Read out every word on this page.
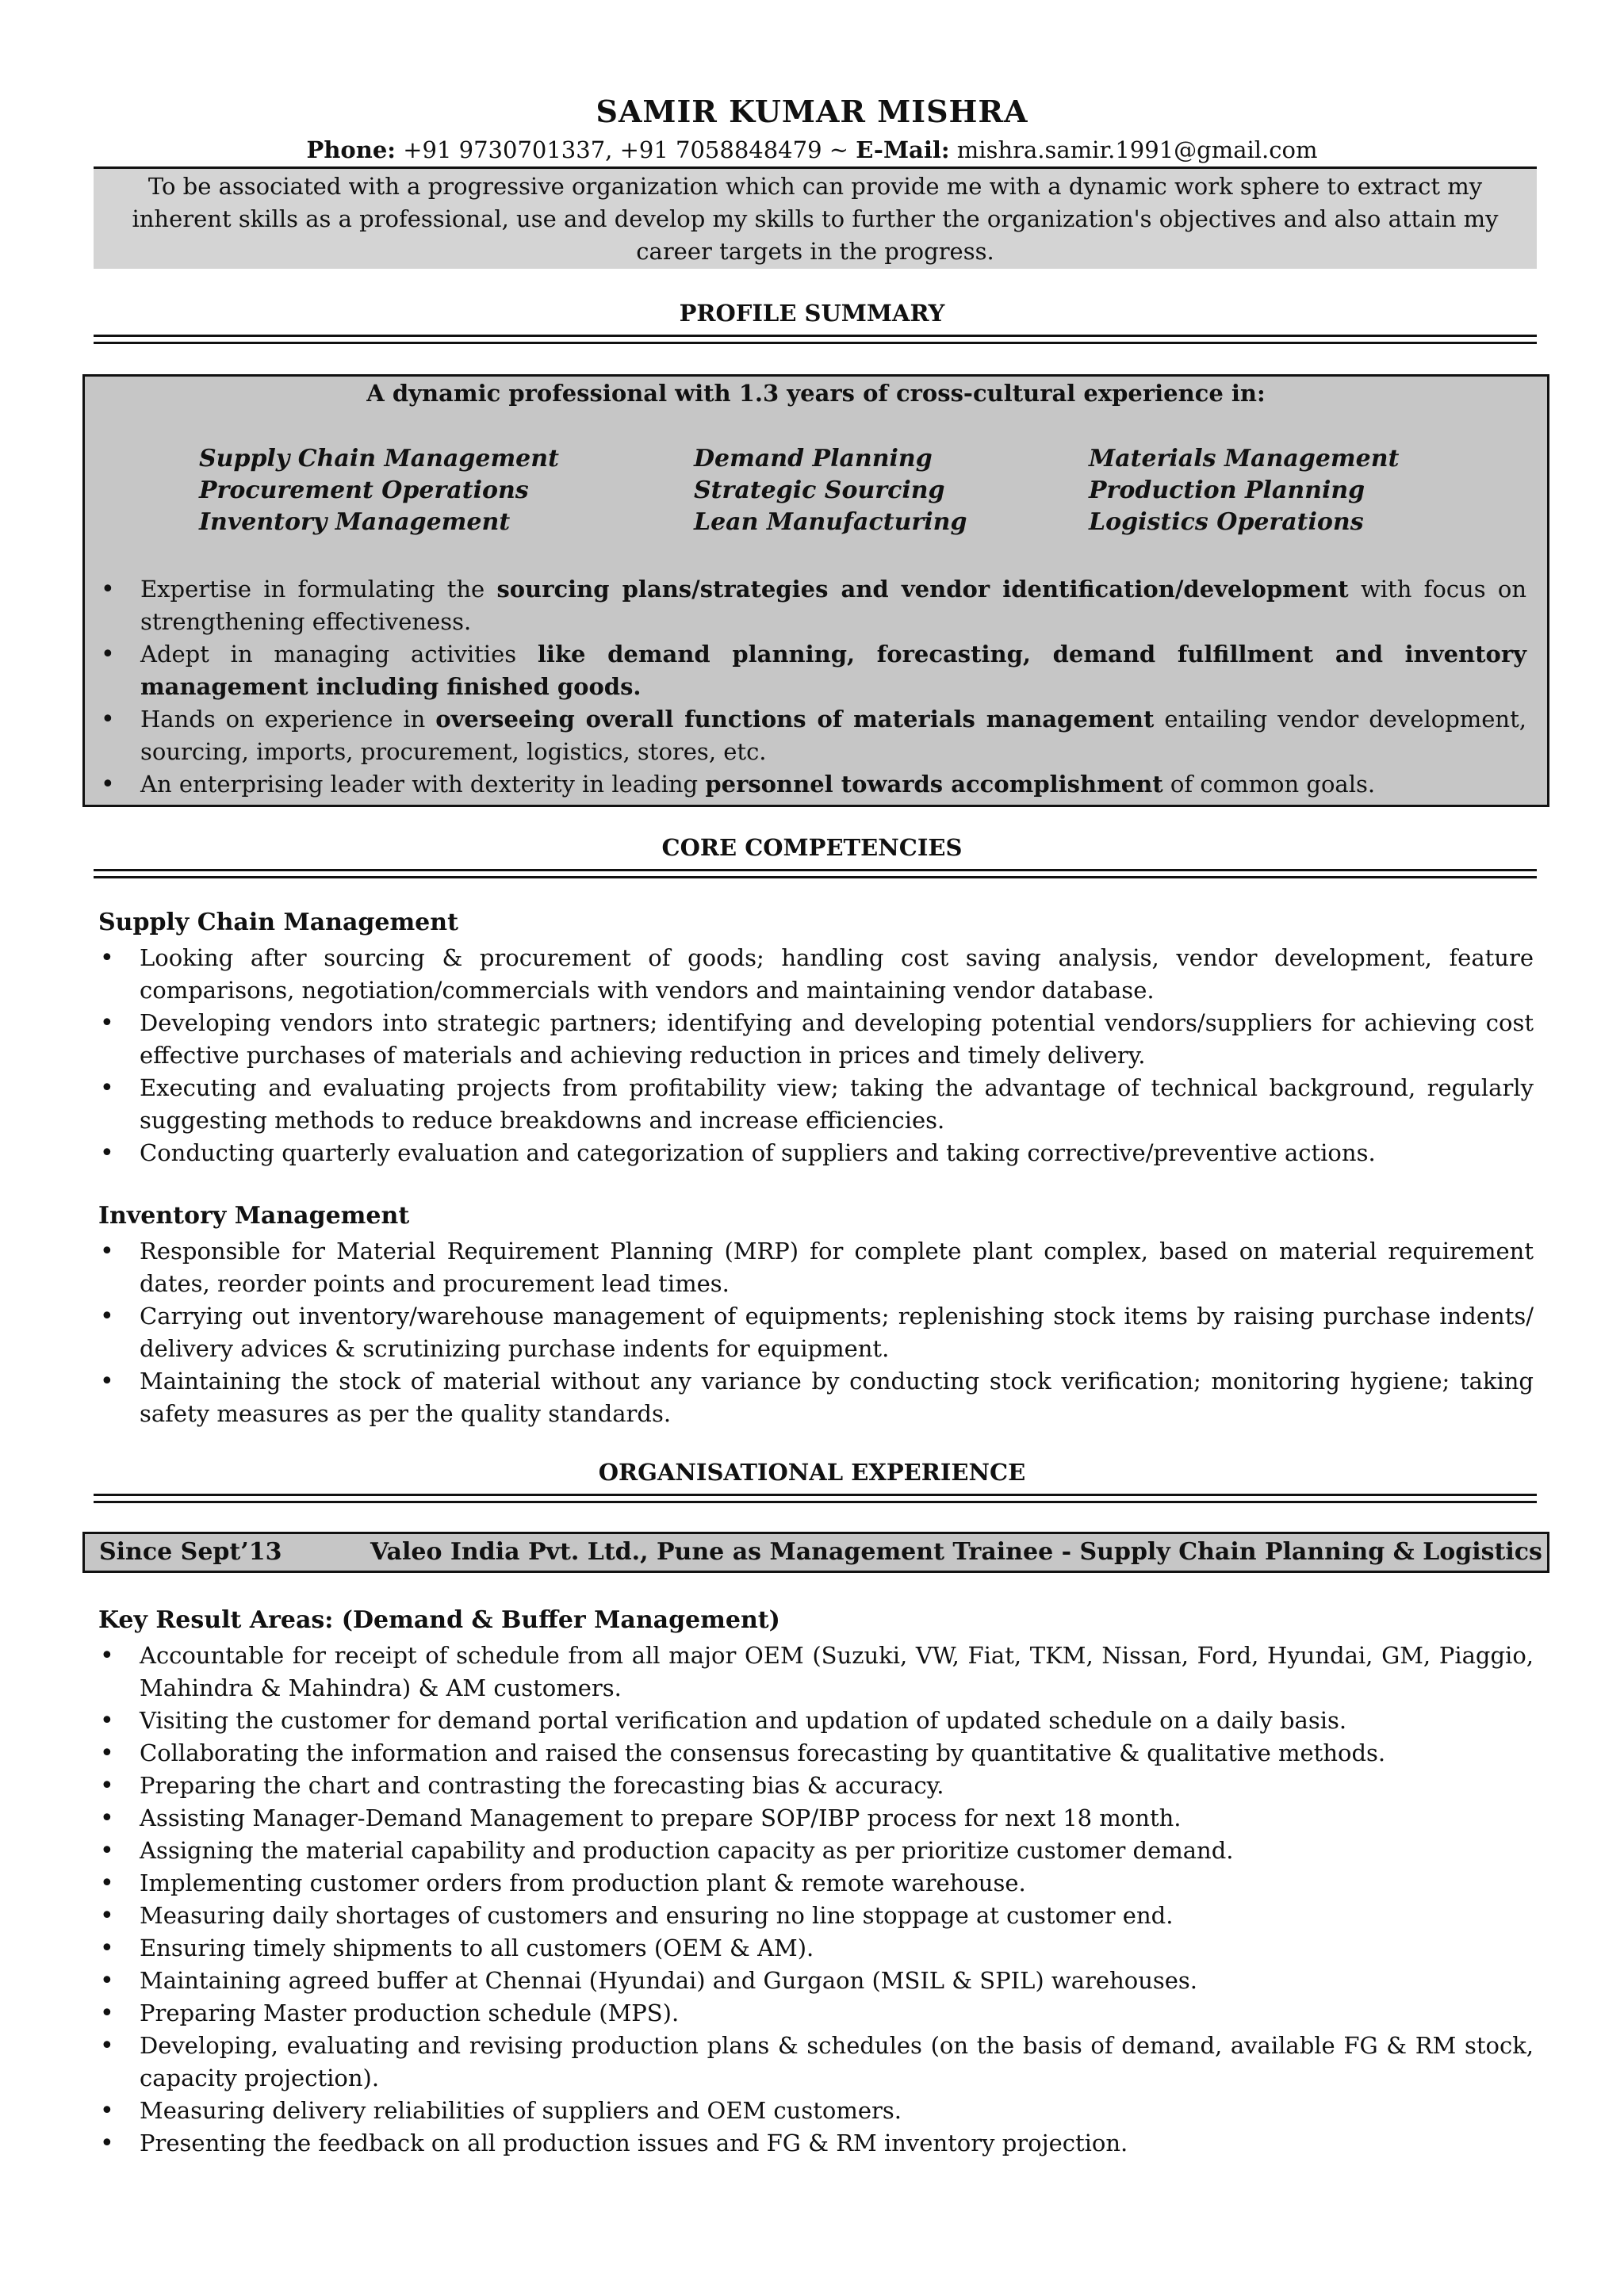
SAMIR KUMAR MISHRA
Phone: +91 9730701337, +91 7058848479 ~ E-Mail: mishra.samir.1991@gmail.com
To be associated with a progressive organization which can provide me with a dynamic work sphere to extract my
inherent skills as a professional, use and develop my skills to further the organization's objectives and also attain my
career targets in the progress.
PROFILE SUMMARY
A dynamic professional with 1.3 years of cross-cultural experience in:
Supply Chain Management
Procurement Operations
Inventory Management
Demand Planning
Strategic Sourcing
Lean Manufacturing
Materials Management
Production Planning
Logistics Operations
• Expertise in formulating the sourcing plans/strategies and vendor identification/development with focus on strengthening effectiveness.
• Adept in managing activities like demand planning, forecasting, demand fulfillment and inventory management including finished goods.
• Hands on experience in overseeing overall functions of materials management entailing vendor development, sourcing, imports, procurement, logistics, stores, etc.
• An enterprising leader with dexterity in leading personnel towards accomplishment of common goals.
CORE COMPETENCIES
Supply Chain Management
• Looking after sourcing & procurement of goods; handling cost saving analysis, vendor development, feature comparisons, negotiation/commercials with vendors and maintaining vendor database.
• Developing vendors into strategic partners; identifying and developing potential vendors/suppliers for achieving cost effective purchases of materials and achieving reduction in prices and timely delivery.
• Executing and evaluating projects from profitability view; taking the advantage of technical background, regularly suggesting methods to reduce breakdowns and increase efficiencies.
• Conducting quarterly evaluation and categorization of suppliers and taking corrective/preventive actions.
Inventory Management
• Responsible for Material Requirement Planning (MRP) for complete plant complex, based on material requirement dates, reorder points and procurement lead times.
• Carrying out inventory/warehouse management of equipments; replenishing stock items by raising purchase indents/ delivery advices & scrutinizing purchase indents for equipment.
• Maintaining the stock of material without any variance by conducting stock verification; monitoring hygiene; taking safety measures as per the quality standards.
ORGANISATIONAL EXPERIENCE
Since Sept’13	Valeo India Pvt. Ltd., Pune as Management Trainee - Supply Chain Planning & Logistics
Key Result Areas: (Demand & Buffer Management)
• Accountable for receipt of schedule from all major OEM (Suzuki, VW, Fiat, TKM, Nissan, Ford, Hyundai, GM, Piaggio, Mahindra & Mahindra) & AM customers.
• Visiting the customer for demand portal verification and updation of updated schedule on a daily basis.
• Collaborating the information and raised the consensus forecasting by quantitative & qualitative methods.
• Preparing the chart and contrasting the forecasting bias & accuracy.
• Assisting Manager-Demand Management to prepare SOP/IBP process for next 18 month.
• Assigning the material capability and production capacity as per prioritize customer demand.
• Implementing customer orders from production plant & remote warehouse.
• Measuring daily shortages of customers and ensuring no line stoppage at customer end.
• Ensuring timely shipments to all customers (OEM & AM).
• Maintaining agreed buffer at Chennai (Hyundai) and Gurgaon (MSIL & SPIL) warehouses.
• Preparing Master production schedule (MPS).
• Developing, evaluating and revising production plans & schedules (on the basis of demand, available FG & RM stock, capacity projection).
• Measuring delivery reliabilities of suppliers and OEM customers.
• Presenting the feedback on all production issues and FG & RM inventory projection.
